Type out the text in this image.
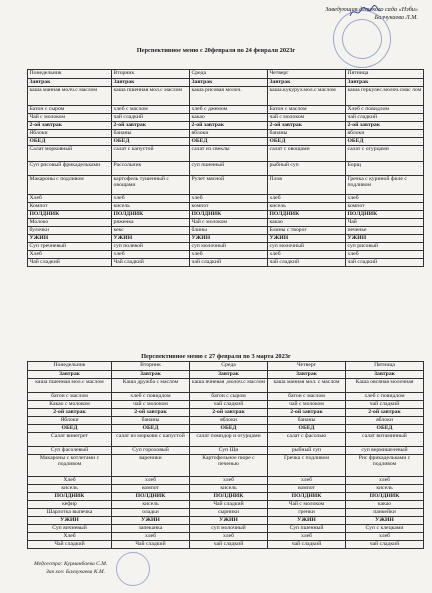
Заведующая детского сада «Нэби»
Балчукаева Л.М.
Перспективное меню с 20февраля по 24 февраля 2023г
Понедельник	Вторник	Среда	Четверг	Пятница
Завтрак	Завтрак	Завтрак	Завтрак	Завтрак
каша манная молч.с маслом	каша пшенная мол.с маслом	каша рисовая молоч.	каша.кукуруз.мол.с маслом	каша геркулес.молоч.смас лом
Батон с сыром	хлеб с маслом	хлеб с джемом	Батон с маслом	Хлеб с повидлом
Чай с молоком	чай сладкий	какао	чай с молоком	чай сладкий
2-ой завтрак	2-ой завтрак	2-ой завтрак	2-ой завтрак	2-ой завтрак
Яблоки	бананы	яблоки	бананы	яблоки
ОБЕД	ОБЕД	ОБЕД	ОБЕД	ОБЕД
Салат морковный	салат с капустой	салат из свеклы	салат с овощами	салат с огурцами
Суп рисовый фрикадельками	Рассольник	суп пшенный	рыбный суп	Борщ
Макароны с подливом	картофель тушенный с овощами	Рулет мясной	Плов	Гречка с куриной филе с подливом
Хлеб	хлеб	хлеб	хлеб	хлеб
Компот	кисель	компот	кисель	компот
ПОЛДНИК	ПОЛДНИК	ПОЛДНИК	ПОЛДНИК	ПОЛДНИК
Молоко	ряженка	Чай с молоком	какао	Чай
булочки	кекс	блины	Блины с творог	печенье
УЖИН	УЖИН	УЖИН	УЖИН	УЖИН
Суп гречневый	суп полевой	суп молочный	суп молочный	суп рисовый
Хлеб	хлеб	хлеб	хлеб	хлеб
Чай сладкий	Чай сладкий	чай сладкий	чай сладкий	чай сладкий
Перспективное меню с 27 февраля по 3 марта 2023г
Понедельник	Вторник	Среда	Четверг	Пятница
Завтрак	Завтрак	Завтрак	Завтрак	Завтрак
каша пшенная мол.с маслом	Каша дружба с маслом	каша ячневая ,молоч.с маслом	каша манная мол. с маслом	Каша овсяная молочная
батон с маслом	хлеб с повидлом	батон с сыром	батон с маслом	хлеб с повидлом
Какао с молоком	чай с молоком	чай сладкий	чай с молоком	чай сладкий
2-ой завтрак	2-ой завтрак	2-ой завтрак	2-ой завтрак	2-ой завтрак
Яблоки	бананы	яблоки	бананы	яблоки
ОБЕД	ОБЕД	ОБЕД	ОБЕД	ОБЕД
Салат винегрет	салат из моркови с капустой	салат помидор и огурцами	салат с фасолью	салат витаминный
Суп фасолевый	Суп гороховый	Суп Щи	рыбный суп	суп вермишелевый
Макароны с котлетами с подливом	вареники	Картофельное пюре с печенью	Гречка с подливом	Рис фрикадельками с подливом
Хлеб	хлеб	хлеб	хлеб	хлеб
кисель	компот	кисель	компот	кисель
ПОЛДНИК	ПОЛДНИК	ПОЛДНИК	ПОЛДНИК	ПОЛДНИК
кефир	кисель	Чай сладкий	Чай с молоком	какао
Шарлотка выпечка	оладьи	сырники	гренки	панкейки
УЖИН	УЖИН	УЖИН	УЖИН	УЖИН
Суп яичневый	запеканка	суп молочный	Суп пшенный	Суп с клецками
Хлеб	хлеб	хлеб	хлеб	хлеб
Чай сладкий	Чай сладкий	чай сладкий	чай сладкий	чай сладкий
Медсестра: Курманбаева С.М.
Зав хоз: Балчукаева К.М.
